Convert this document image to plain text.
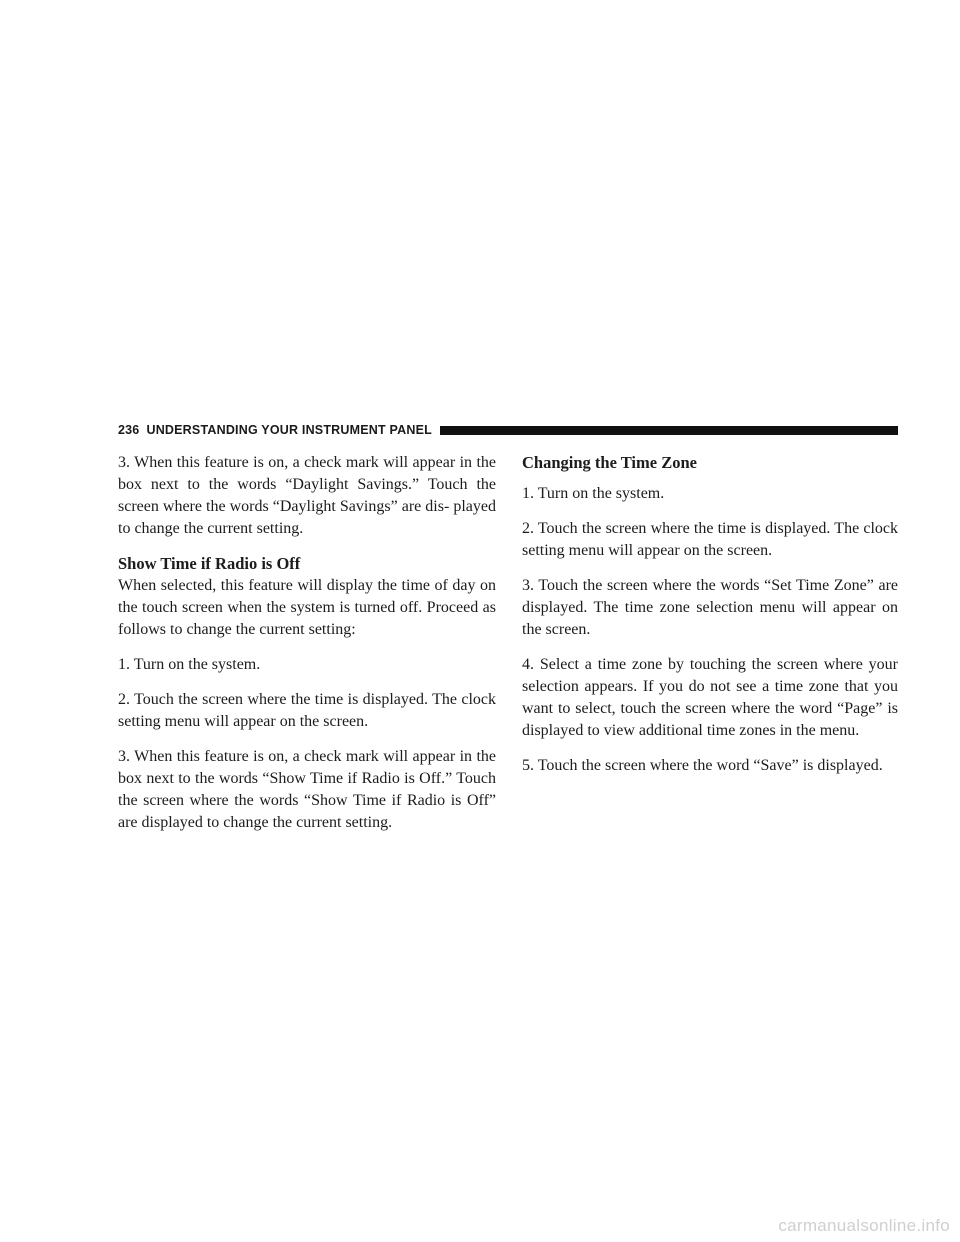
236 UNDERSTANDING YOUR INSTRUMENT PANEL

3. When this feature is on, a check mark will appear in the box next to the words “Daylight Savings.” Touch the screen where the words “Daylight Savings” are dis- played to change the current setting.

Show Time if Radio is Off

When selected, this feature will display the time of day on the touch screen when the system is turned off. Proceed as follows to change the current setting:

1. Turn on the system.

2. Touch the screen where the time is displayed. The clock setting menu will appear on the screen.

3. When this feature is on, a check mark will appear in the box next to the words “Show Time if Radio is Off.” Touch the screen where the words “Show Time if Radio is Off” are displayed to change the current setting.

Changing the Time Zone

1. Turn on the system.

2. Touch the screen where the time is displayed. The clock setting menu will appear on the screen.

3. Touch the screen where the words “Set Time Zone” are displayed. The time zone selection menu will appear on the screen.

4. Select a time zone by touching the screen where your selection appears. If you do not see a time zone that you want to select, touch the screen where the word “Page” is displayed to view additional time zones in the menu.

5. Touch the screen where the word “Save” is displayed.

carmanualsonline.info
